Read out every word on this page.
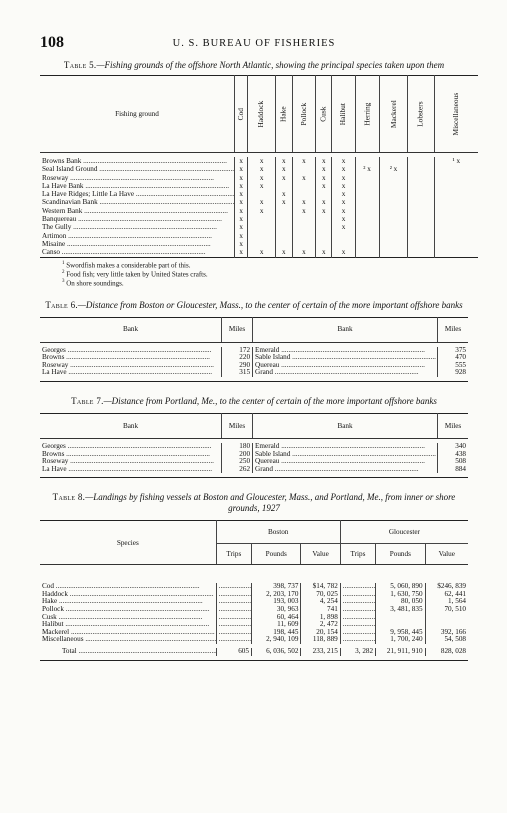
108	U. S. BUREAU OF FISHERIES
Table 5.—Fishing grounds of the offshore North Atlantic, showing the principal species taken upon them
Fishing ground	Cod	Haddock	Hake	Pollock	Cusk	Halibut	Herring	Mackerel	Lobsters	Miscellaneous

Browns Bank .....	x	x	x	x	x	x				¹ x
Seal Island Ground .....	x	x	x		x	x	² x	² x		
Roseway .....	x	x	x	x	x	x				
La Have Bank .....	x	x			x	x				
La Have Ridges; Little La Have .....	x		x			x				
Scandinavian Bank .....	x	x	x	x	x	x				
Western Bank .....	x	x		x	x	x				
Banquereau .....	x					x				
The Gully .....	x					x				
Artimon .....	x									
Misaine .....	x									
Canso .....	x	x	x	x	x	x				
$^1$ Swordfish makes a considerable part of this.
$^2$ Food fish; very little taken by United States crafts.
$^3$ On shore soundings.
Table 6.—Distance from Boston or Gloucester, Mass., to the center of certain of the more important offshore banks
Bank	Miles	Bank	Miles

Georges .....	172	Emerald .....	375
Browns .....	220	Sable Island .....	470
Roseway .....	290	Quereau .....	555
La Have .....	315	Grand .....	928

Table 7.—Distance from Portland, Me., to the center of certain of the more important offshore banks
Bank	Miles	Bank	Miles

Georges .....	180	Emerald .....	340
Browns .....	200	Sable Island .....	438
Roseway .....	250	Quereau .....	508
La Have .....	262	Grand .....	884

Table 8.—Landings by fishing vessels at Boston and Gloucester, Mass., and Portland, Me., from inner or shore grounds, 1927
Species	Boston			Gloucester		
	Trips	Pounds	Value	Trips	Pounds	Value

Cod .....	.....	398, 737	$14, 782	.....	5, 060, 890	$246, 839
Haddock .....	.....	2, 203, 170	70, 025	.....	1, 630, 750	62, 441
Hake .....	.....	193, 003	4, 254	.....	80, 050	1, 564
Pollock .....	.....	30, 963	741	.....	3, 481, 835	70, 510
Cusk .....	.....	60, 464	1, 898	.....		
Halibut .....	.....	11, 609	2, 472	.....		
Mackerel .....	.....	198, 445	20, 154	.....	9, 958, 445	392, 166
Miscellaneous .....	.....	2, 940, 109	118, 889	.....	1, 700, 240	54, 508

Total .....	605	6, 036, 502	233, 215	3, 282	21, 911, 910	828, 028
